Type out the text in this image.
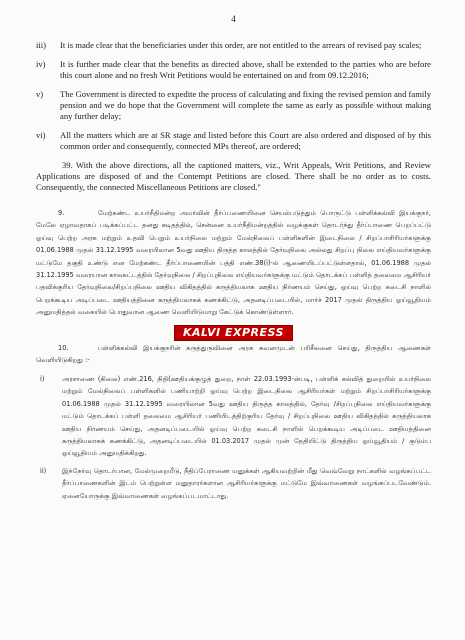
4
iii)	It is made clear that the beneficiaries under this order, are not entitled to the arrears of revised pay scales;
iv)	It is further made clear that the benefits as directed above, shall be extended to the parties who are before this court alone and no fresh Writ Petitions would be entertained on and from 09.12.2016;
v)	The Government is directed to expedite the process of calculating and fixing the revised pension and family pension and we do hope that the Government will complete the same as early as possible without making any further delay;
vi)	All the matters which are at SR stage and listed before this Court are also ordered and disposed of by this common order and consequently, connected MPs thereof, are ordered;
39. With the above directions, all the captioned matters, viz., Writ Appeals, Writ Petitions, and Review Applications are disposed of and the Contempt Petitions are closed. There shall be no order as to costs. Consequently, the connected Miscellaneous Petitions are closed."
9.	மேற்கண்ட உயர்நீதிமன்ற அமர்வின் தீர்ப்பணையினை செயல்படுத்தும் பொருட்டு பள்ளிக்கல்வி இயக்குநர், மேலே ஏழாவதாகப் படிக்கப்பட்ட தனது கடிதத்தில், சென்னை உயர்நீதிமன்றத்தில் வழக்குகள் தொடர்ந்து தீர்ப்பாணை பெறப்பட்டு ஓய்வு பெற்ற அரசு மற்றும் உதவி பெறும் உயர்நிலை மற்றும் மேல்நிலைப் பள்ளிகளின் இடைநிலை / சிறப்பாசிரியர்களுக்கு 01.06.1988 முதல் 31.12.1995 வரையிலான 5வது ஊதிய திருத்த காலத்தில் தேர்வுநிலை அல்லது சிறப்பு நிலை எய்தியவர்களுக்கு மட்டுமே தகுதி உண்டு என மேற்கண்ட தீர்ப்பாணையின் பத்தி எண்.38(i)-ல் ஆணையிடப்பட்டுள்ளதால், 01.06.1988 முதல் 31.12.1995 வரையான காலகட்டத்தில் தேர்வுநிலை / சிறப்புநிலை எய்தியவர்களுக்கு மட்டும் தொடக்கப் பள்ளித் தலைமை ஆசிரியர் பதவிக்குரிய தேர்வுநிலை/சிறப்புநிலை ஊதிய விகிதத்தில் கருத்தியலாக ஊதிய நிர்ணயம் செய்து, ஓய்வு பெற்ற கடைசி நாளில் பெறக்கூடிய அடிப்படை ஊதியத்தினை கருத்தியலாகக் கணக்கிட்டு, அதனடிப்படையில், மார்ச் 2017 முதல் திருத்திய ஓய்வூதியம் அனுமதித்தல் வகையில் பொதுவான ஆணை வெளியிடுமாறு கேட்டுக் கொண்டுள்ளார்.
KALVI EXPRESS
10.	பள்ளிக்கல்வி இயக்குநரின் கருத்துருவினை அரசு கவனமுடன் பரிசீலனை செய்து, திருத்திய ஆணைகள் வெளியிடுகிறது :-
i)	அரசாணை (நிலை) எண்.216, நிதி(ஊதியக்குழுத் துறை, நாள் 22.03.1993-ன்படி, பள்ளிக் கல்வித் துறையில் உயர்நிலை மற்றும் மேல்நிலைப் பள்ளிகளில் பணியாற்றி ஓய்வு பெற்ற இடைநிலை ஆசிரியர்கள் மற்றும் சிறப்பாசிரியர்களுக்கு 01.06.1988 முதல் 31.12.1995 வரையிலான 5வது ஊதிய திருத்த காலத்தில், தேர்வு /சிறப்புநிலை எய்தியவர்களுக்கு மட்டும் தொடக்கப் பள்ளி தலைமை ஆசிரியர் பணியிடத்திற்குரிய தேர்வு / சிறப்புநிலை ஊதிய விகிதத்தில் கருத்தியலாக ஊதிய நிர்ணயம் செய்து, அதனடிப்படையில் ஓய்வு பெற்ற கடைசி நாளில் பெறக்கூடிய அடிப்படை ஊதியத்தினை கருத்தியலாகக் கணக்கிட்டு, அதனடிப்படையில் 01.03.2017 முதல் முன் தேதியிட்டு திருத்திய ஓய்வூதியம் / குடும்ப ஓய்வூதியம் அனுமதிக்கிறது.
ii)	இந்நேர்வு தொடர்பான, மேல்முறையீடு, நீதிப்பேராணை மனுக்கள் ஆகியவற்றின் மீது வெவ்வேறு நாட்களில் வழங்கப்பட்ட தீர்ப்பாணைகளின் இடம் பெற்றுள்ள மனுதாரர்களான ஆசிரியர்களுக்கு மட்டுமே இவ்வாணைகள் வழங்கப்படவேண்டும். ஏனையோருக்கு இவ்வாணைகள் வழங்கப்படமாட்டாது.
